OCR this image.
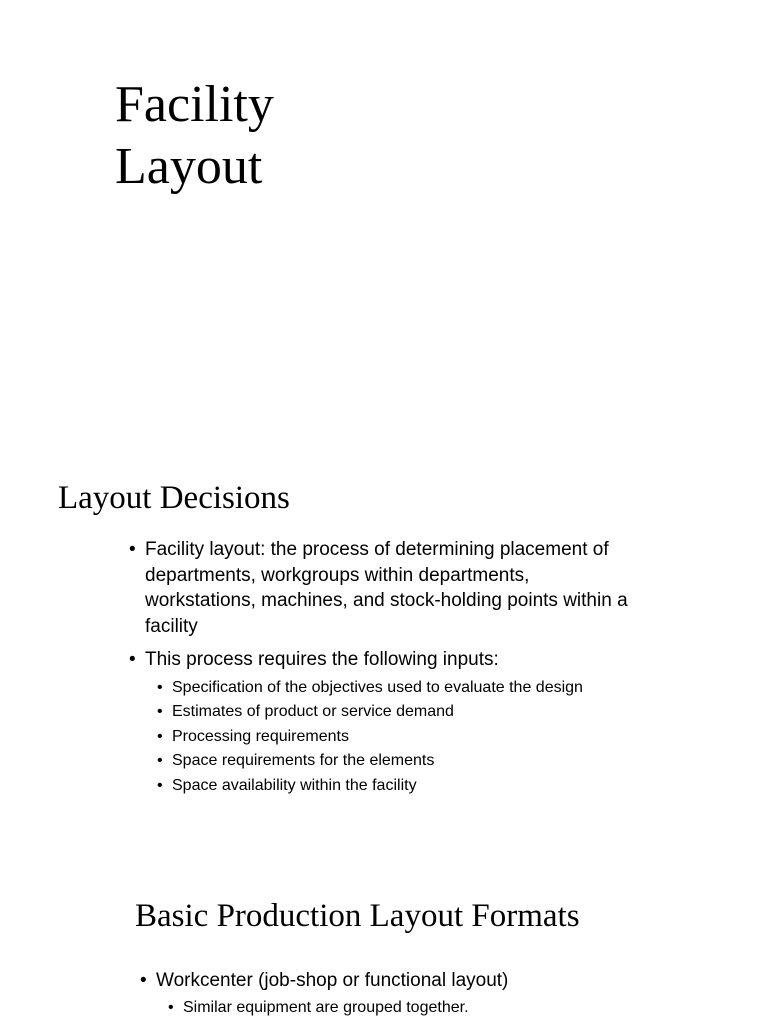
Facility
Layout
Layout Decisions
• Facility layout: the process of determining placement of departments, workgroups within departments, workstations, machines, and stock-holding points within a facility
• This process requires the following inputs:
• Specification of the objectives used to evaluate the design
• Estimates of product or service demand
• Processing requirements
• Space requirements for the elements
• Space availability within the facility
Basic Production Layout Formats
• Workcenter (job-shop or functional layout)
• Similar equipment are grouped together.
